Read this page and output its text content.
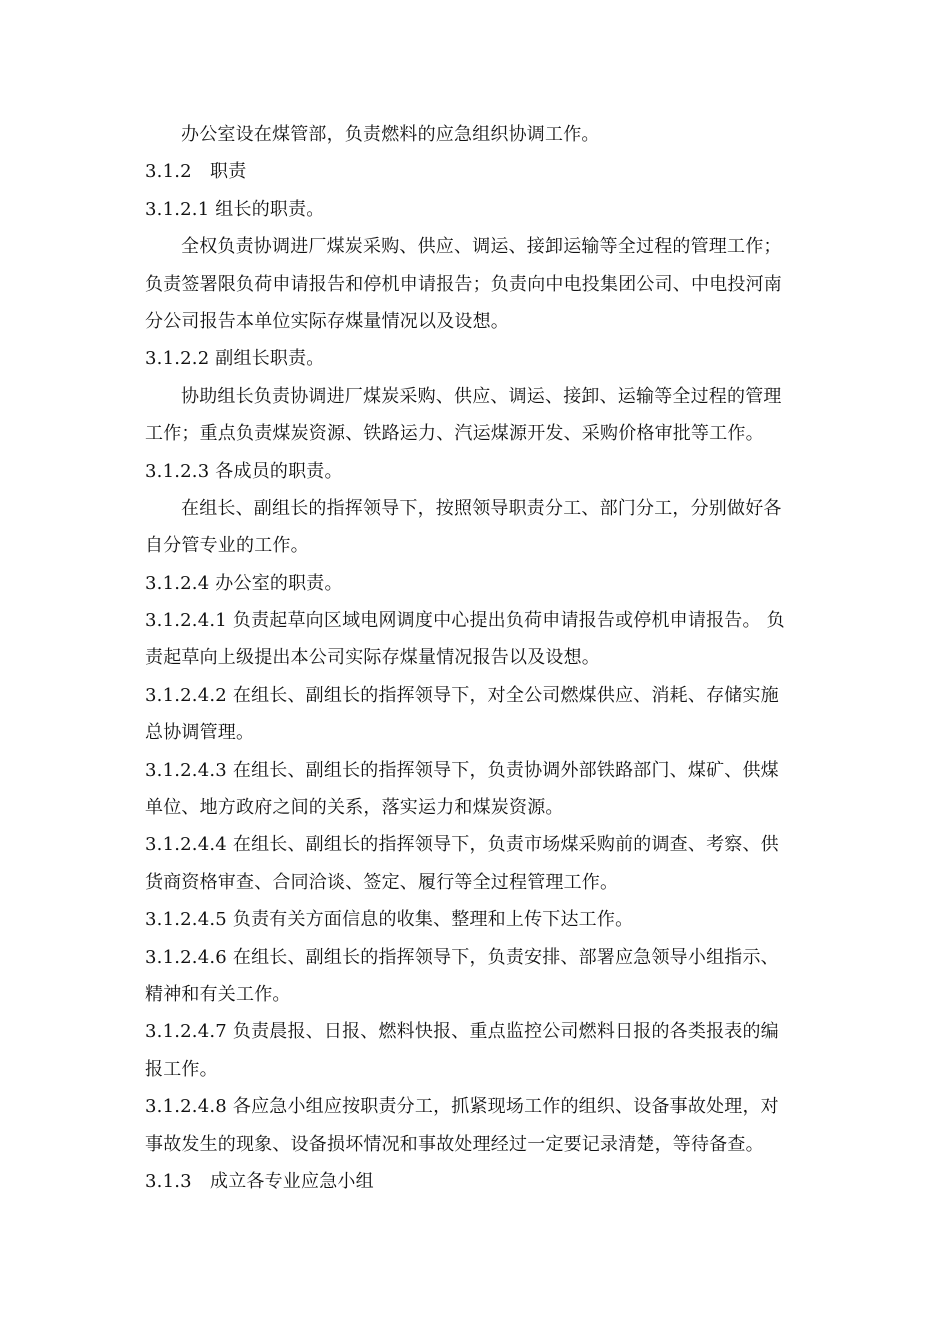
办公室设在煤管部，负责燃料的应急组织协调工作。
3.1.2　职责
3.1.2.1 组长的职责。
全权负责协调进厂煤炭采购、供应、调运、接卸运输等全过程的管理工作；
负责签署限负荷申请报告和停机申请报告；负责向中电投集团公司、中电投河南
分公司报告本单位实际存煤量情况以及设想。
3.1.2.2 副组长职责。
协助组长负责协调进厂煤炭采购、供应、调运、接卸、运输等全过程的管理
工作；重点负责煤炭资源、铁路运力、汽运煤源开发、采购价格审批等工作。
3.1.2.3 各成员的职责。
在组长、副组长的指挥领导下，按照领导职责分工、部门分工，分别做好各
自分管专业的工作。
3.1.2.4 办公室的职责。
3.1.2.4.1 负责起草向区域电网调度中心提出负荷申请报告或停机申请报告。 负
责起草向上级提出本公司实际存煤量情况报告以及设想。
3.1.2.4.2 在组长、副组长的指挥领导下，对全公司燃煤供应、消耗、存储实施
总协调管理。
3.1.2.4.3 在组长、副组长的指挥领导下，负责协调外部铁路部门、煤矿、供煤
单位、地方政府之间的关系，落实运力和煤炭资源。
3.1.2.4.4 在组长、副组长的指挥领导下，负责市场煤采购前的调查、考察、供
货商资格审查、合同洽谈、签定、履行等全过程管理工作。
3.1.2.4.5 负责有关方面信息的收集、整理和上传下达工作。
3.1.2.4.6 在组长、副组长的指挥领导下，负责安排、部署应急领导小组指示、
精神和有关工作。
3.1.2.4.7 负责晨报、日报、燃料快报、重点监控公司燃料日报的各类报表的编
报工作。
3.1.2.4.8 各应急小组应按职责分工，抓紧现场工作的组织、设备事故处理，对
事故发生的现象、设备损坏情况和事故处理经过一定要记录清楚，等待备查。
3.1.3　成立各专业应急小组
